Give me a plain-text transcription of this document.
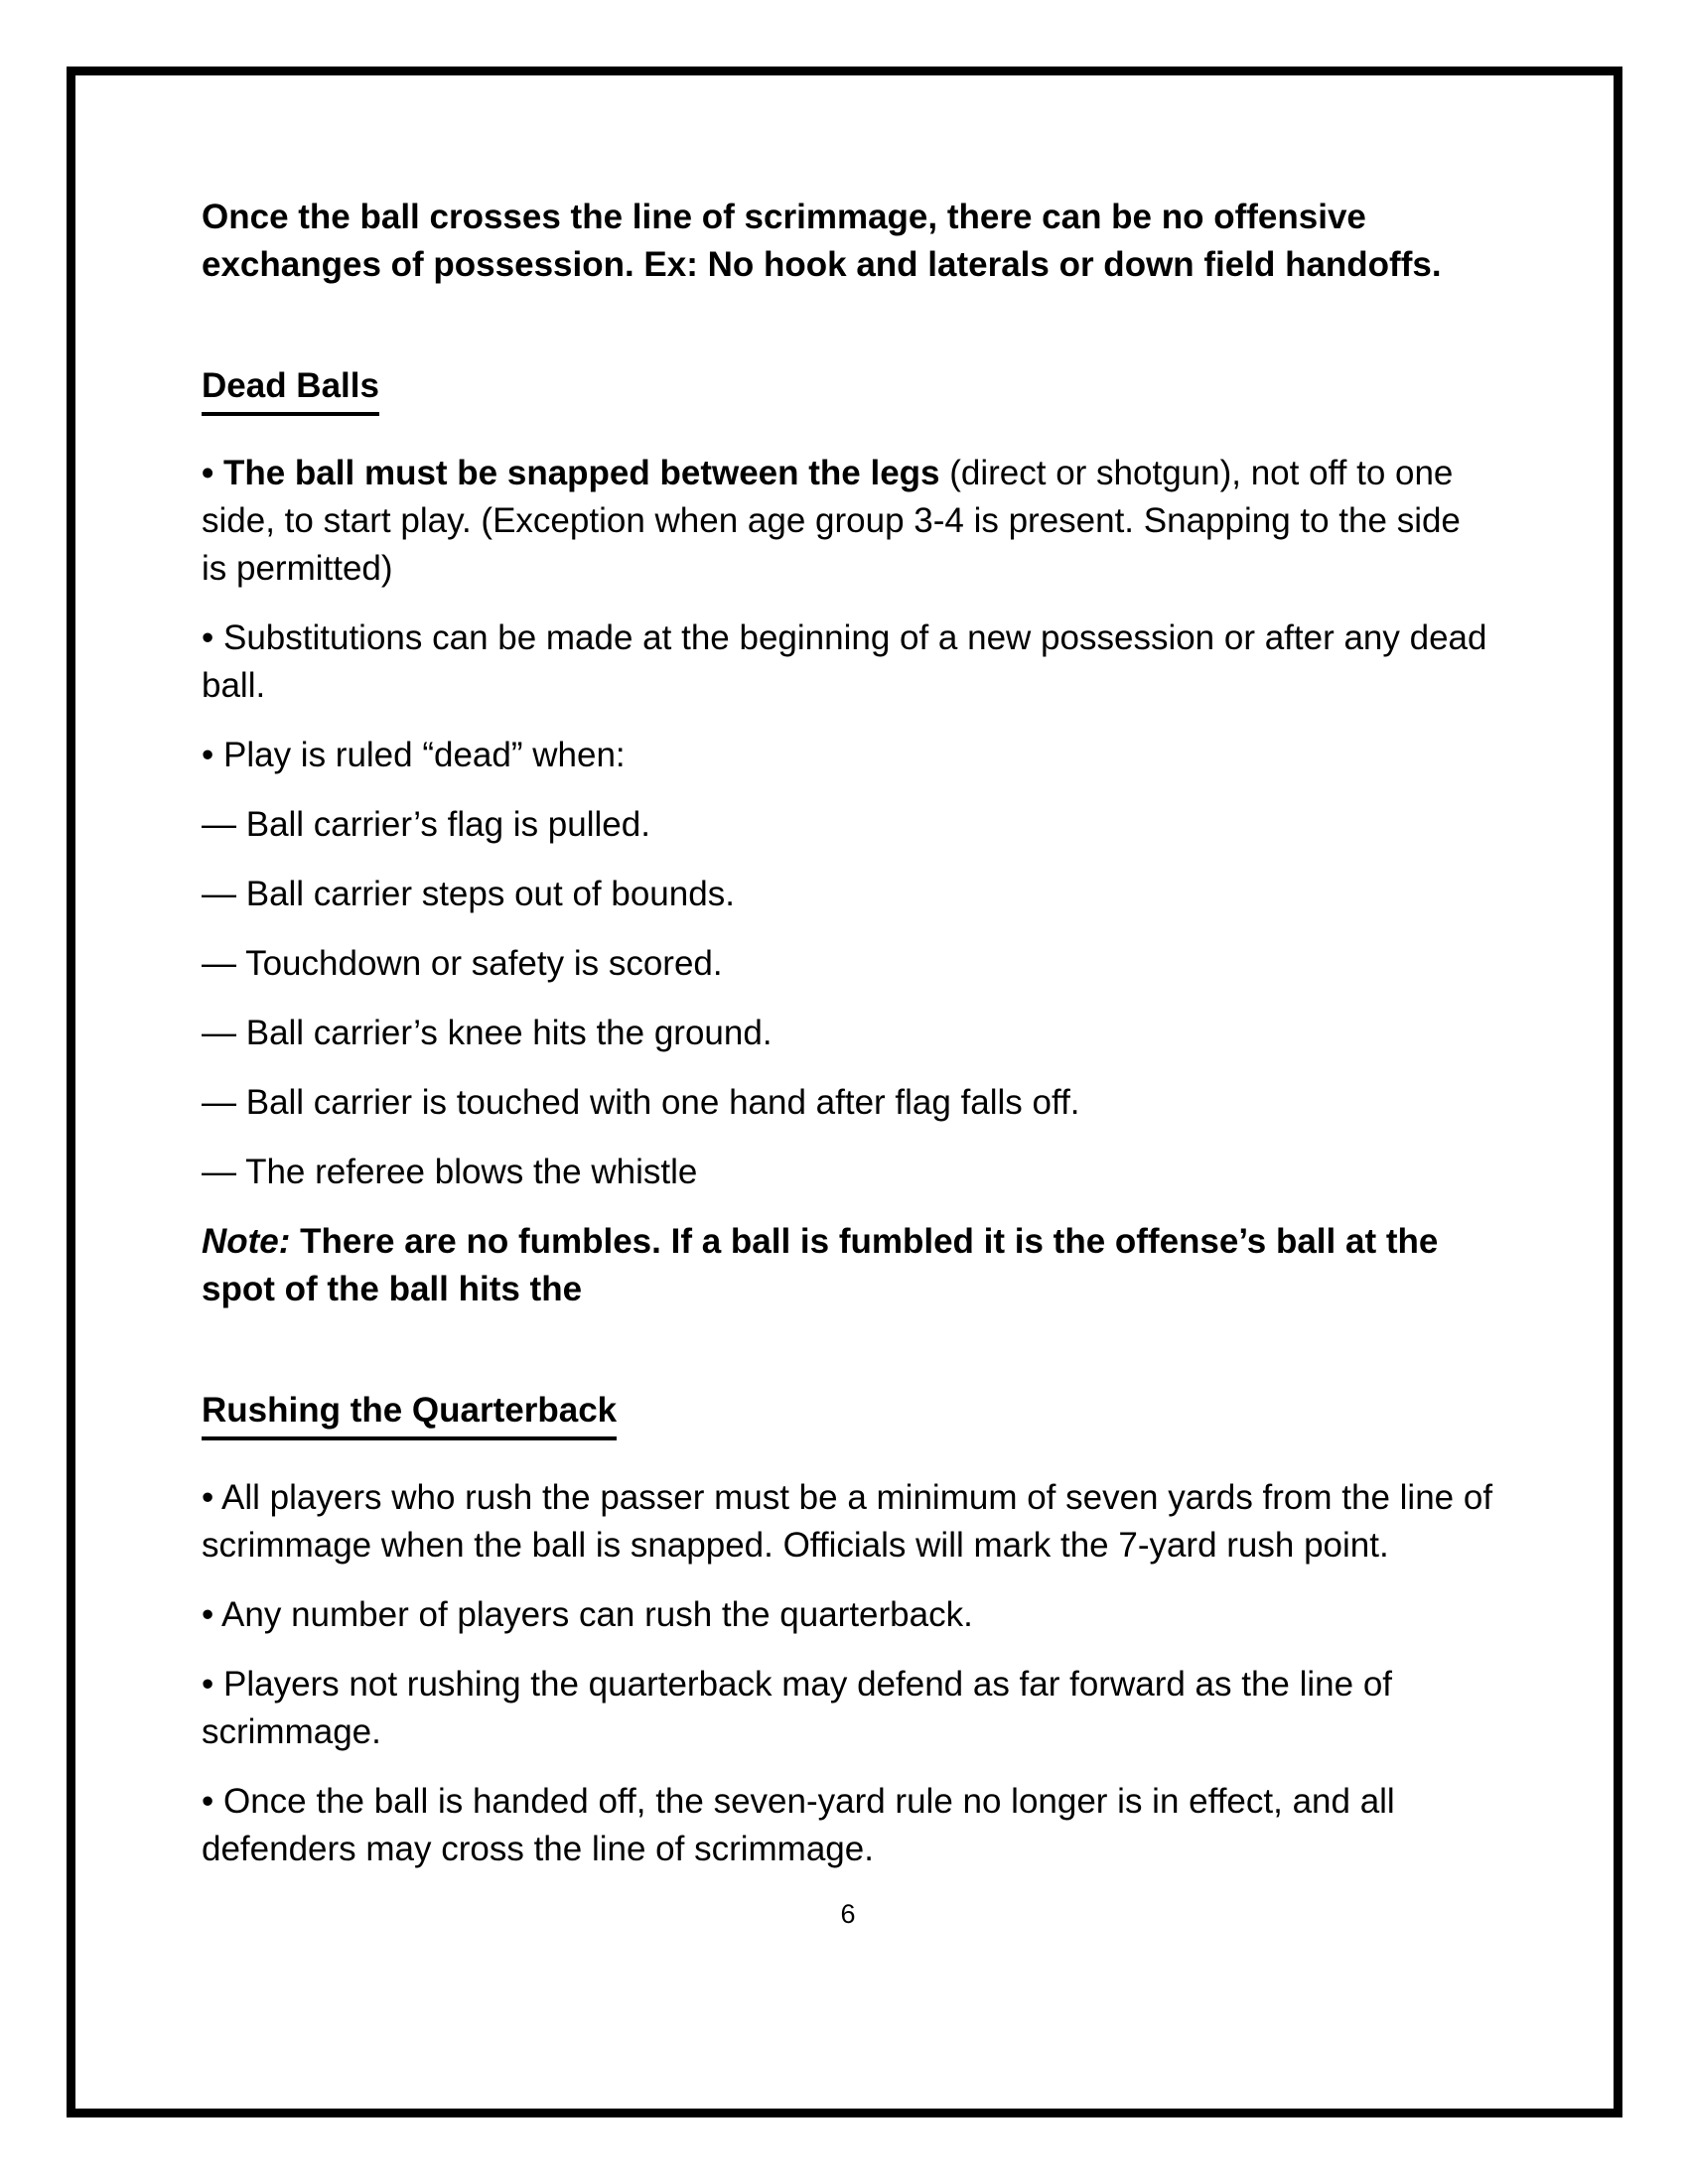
Once the ball crosses the line of scrimmage, there can be no offensive exchanges of possession. Ex: No hook and laterals or down field handoffs.

Dead Balls

• The ball must be snapped between the legs (direct or shotgun), not off to one side, to start play. (Exception when age group 3-4 is present. Snapping to the side is permitted)

• Substitutions can be made at the beginning of a new possession or after any dead ball.

• Play is ruled “dead” when:

— Ball carrier’s flag is pulled.

— Ball carrier steps out of bounds.

— Touchdown or safety is scored.

— Ball carrier’s knee hits the ground.

— Ball carrier is touched with one hand after flag falls off.

— The referee blows the whistle

Note: There are no fumbles. If a ball is fumbled it is the offense’s ball at the spot of the ball hits the

Rushing the Quarterback

• All players who rush the passer must be a minimum of seven yards from the line of scrimmage when the ball is snapped. Officials will mark the 7-yard rush point.

• Any number of players can rush the quarterback.

• Players not rushing the quarterback may defend as far forward as the line of scrimmage.

• Once the ball is handed off, the seven-yard rule no longer is in effect, and all defenders may cross the line of scrimmage.

6
